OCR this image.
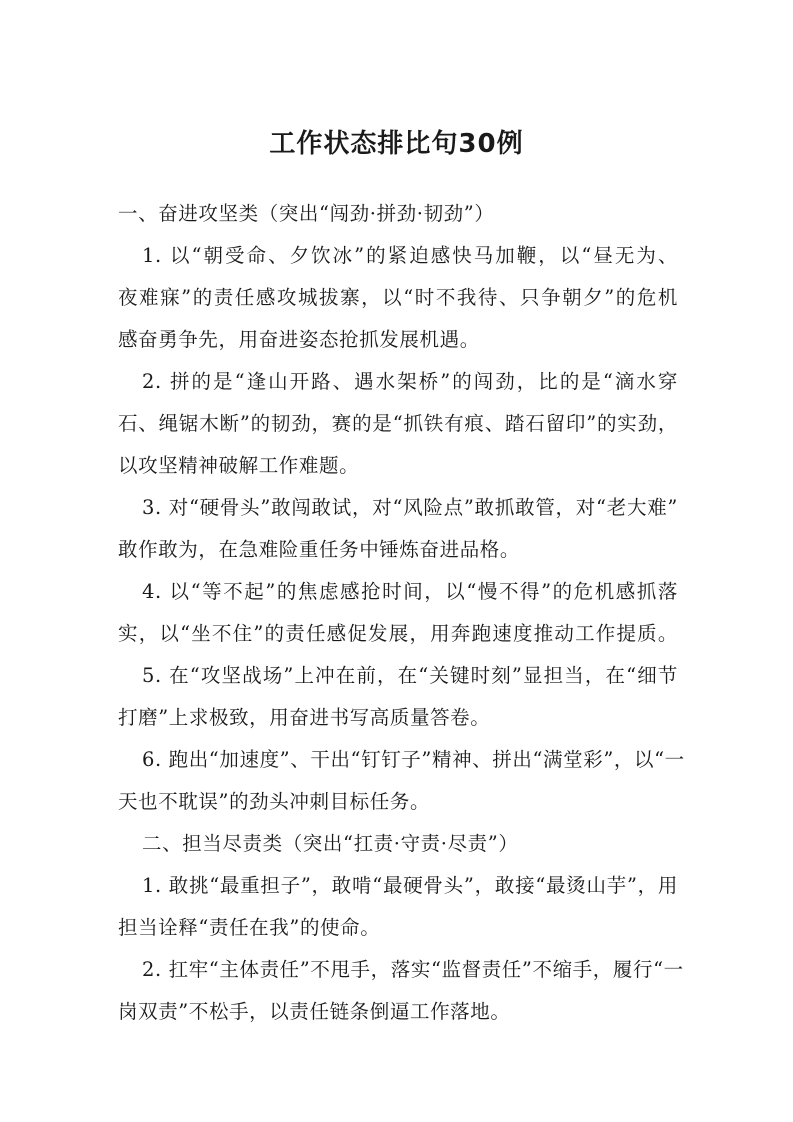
工作状态排比句30例
一、奋进攻坚类（突出“闯劲·拼劲·韧劲”）
1. 以“朝受命、夕饮冰”的紧迫感快马加鞭，以“昼无为、
夜难寐”的责任感攻城拔寨，以“时不我待、只争朝夕”的危机
感奋勇争先，用奋进姿态抢抓发展机遇。
2. 拼的是“逢山开路、遇水架桥”的闯劲，比的是“滴水穿
石、绳锯木断”的韧劲，赛的是“抓铁有痕、踏石留印”的实劲，
以攻坚精神破解工作难题。
3. 对“硬骨头”敢闯敢试，对“风险点”敢抓敢管，对“老大难”
敢作敢为，在急难险重任务中锤炼奋进品格。
4. 以“等不起”的焦虑感抢时间，以“慢不得”的危机感抓落
实，以“坐不住”的责任感促发展，用奔跑速度推动工作提质。
5. 在“攻坚战场”上冲在前，在“关键时刻”显担当，在“细节
打磨”上求极致，用奋进书写高质量答卷。
6. 跑出“加速度”、干出“钉钉子”精神、拼出“满堂彩”，以“一
天也不耽误”的劲头冲刺目标任务。
二、担当尽责类（突出“扛责·守责·尽责”）
1. 敢挑“最重担子”，敢啃“最硬骨头”，敢接“最烫山芋”，用
担当诠释“责任在我”的使命。
2. 扛牢“主体责任”不甩手，落实“监督责任”不缩手，履行“一
岗双责”不松手，以责任链条倒逼工作落地。
